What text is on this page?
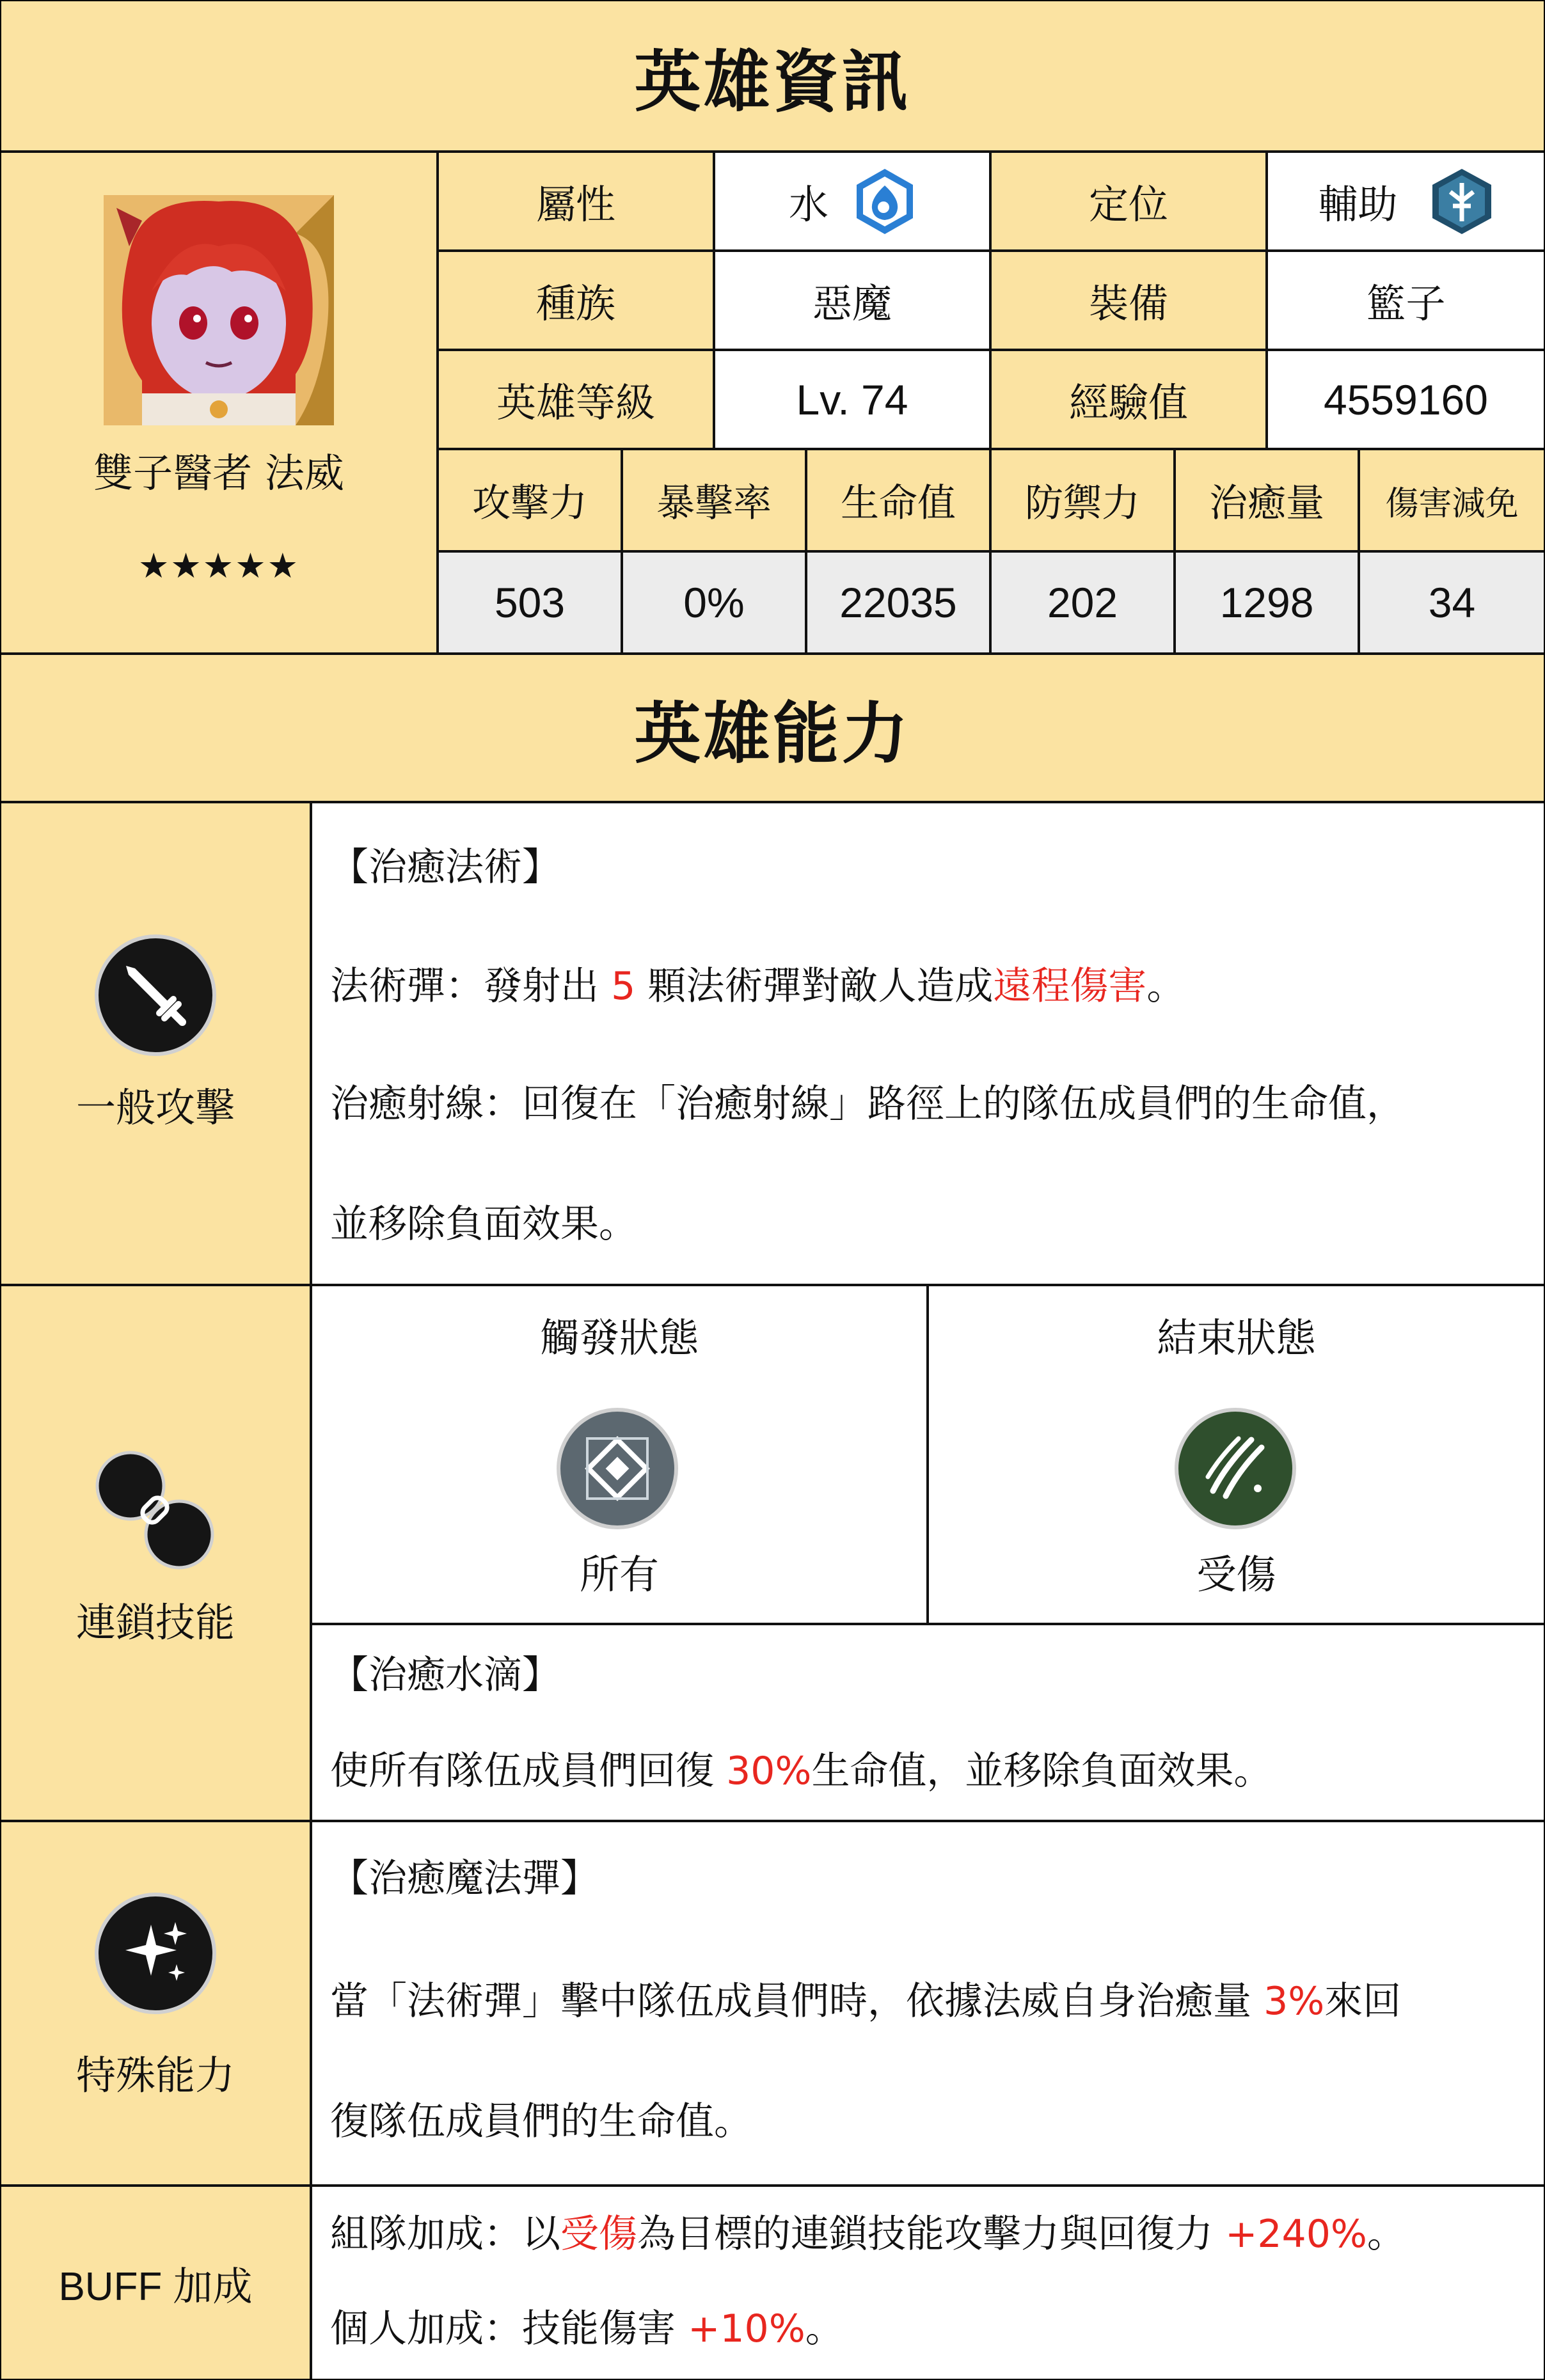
英雄資訊
雙子醫者 法威
★★★★★
屬性	水	定位	輔助
種族	惡魔	裝備	籃子
英雄等級	Lv. 74	經驗值	4559160
攻擊力	暴擊率	生命值	防禦力	治癒量	傷害減免
503	0%	22035	202	1298	34
英雄能力
一般攻擊
【治癒法術】
法術彈：發射出 5 顆法術彈對敵人造成遠程傷害。
治癒射線：回復在「治癒射線」路徑上的隊伍成員們的生命值，
並移除負面效果。
連鎖技能
觸發狀態
所有
結束狀態
受傷
【治癒水滴】
使所有隊伍成員們回復 30%生命值，並移除負面效果。
特殊能力
【治癒魔法彈】
當「法術彈」擊中隊伍成員們時，依據法威自身治癒量 3%來回
復隊伍成員們的生命值。
BUFF 加成
組隊加成：以受傷為目標的連鎖技能攻擊力與回復力 +240%。
個人加成：技能傷害 +10%。
